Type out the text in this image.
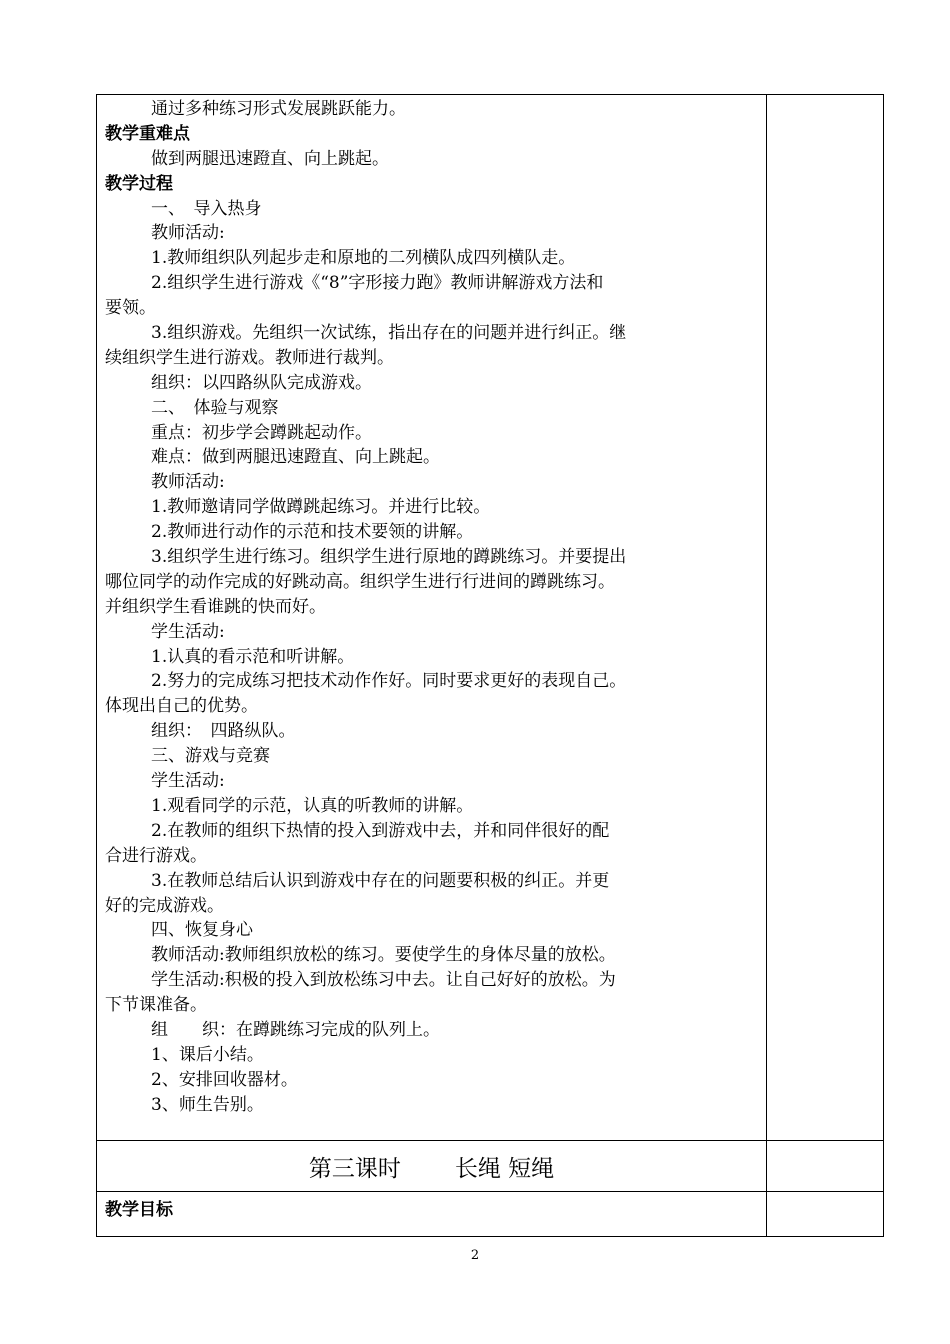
通过多种练习形式发展跳跃能力。
教学重难点
做到两腿迅速蹬直、向上跳起。
教学过程
一、　导入热身
教师活动:
1.教师组织队列起步走和原地的二列横队成四列横队走。
2.组织学生进行游戏《“8”字形接力跑》教师讲解游戏方法和
要领。
3.组织游戏。先组织一次试练，指出存在的问题并进行纠正。继
续组织学生进行游戏。教师进行裁判。
组织：以四路纵队完成游戏。
二、　体验与观察
重点：初步学会蹲跳起动作。
难点：做到两腿迅速蹬直、向上跳起。
教师活动:
1.教师邀请同学做蹲跳起练习。并进行比较。
2.教师进行动作的示范和技术要领的讲解。
3.组织学生进行练习。组织学生进行原地的蹲跳练习。并要提出
哪位同学的动作完成的好跳动高。组织学生进行行进间的蹲跳练习。
并组织学生看谁跳的快而好。
学生活动:
1.认真的看示范和听讲解。
2.努力的完成练习把技术动作作好。同时要求更好的表现自己。
体现出自己的优势。
组织：　四路纵队。
三、游戏与竞赛
学生活动:
1.观看同学的示范，认真的听教师的讲解。
2.在教师的组织下热情的投入到游戏中去，并和同伴很好的配
合进行游戏。
3.在教师总结后认识到游戏中存在的问题要积极的纠正。并更
好的完成游戏。
四、恢复身心
教师活动:教师组织放松的练习。要使学生的身体尽量的放松。
学生活动:积极的投入到放松练习中去。让自己好好的放松。为
下节课准备。
组　　织：在蹲跳练习完成的队列上。
1、课后小结。
2、安排回收器材。
3、师生告别。
第三课时 长绳 短绳
教学目标
2
